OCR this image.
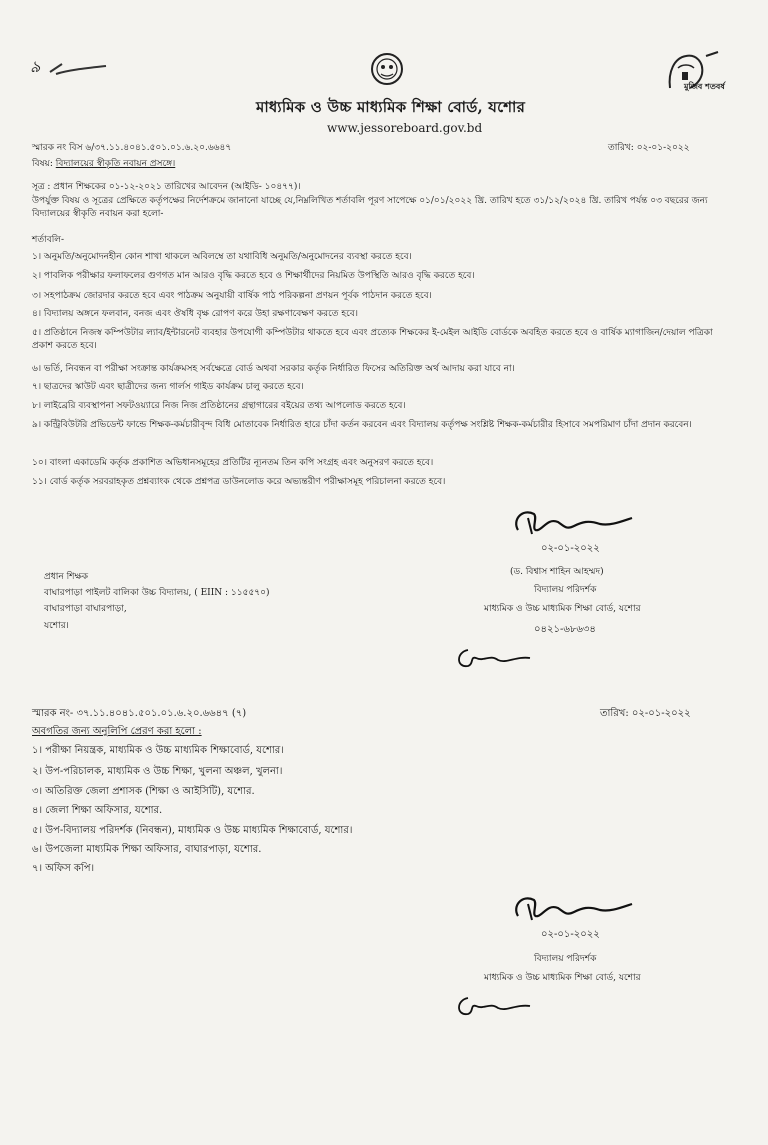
৯
মুজিব শতবর্ষ
মাধ্যমিক ও উচ্চ মাধ্যমিক শিক্ষা বোর্ড, যশোর
www.jessoreboard.gov.bd
স্মারক নং বিস ৬/৩৭.১১.৪০৪১.৫০১.০১.৬.২০.৬৬৪৭	তারিখ: ০২-০১-২০২২
বিষয়: বিদ্যালয়ের স্বীকৃতি নবায়ন প্রসঙ্গে।
সূত্র : প্রধান শিক্ষকের ০১-১২-২০২১ তারিখের আবেদন (আইডি- ১০৪৭৭)।
উপর্যুক্ত বিষয় ও সূত্রের প্রেক্ষিতে কর্তৃপক্ষের নির্দেশক্রমে জানানো যাচ্ছে যে,নিম্নলিখিত শর্তাবলি পূরণ সাপেক্ষে ০১/০১/২০২২ খ্রি. তারিখ হতে ৩১/১২/২০২৪ খ্রি. তারিখ পর্যন্ত ০৩ বছরের জন্য বিদ্যালয়ের স্বীকৃতি নবায়ন করা হলো-
শর্তাবলি-
১। অনুমতি/অনুমোদনহীন কোন শাখা থাকলে অবিলম্বে তা যথাবিধি অনুমতি/অনুমোদনের ব্যবস্থা করতে হবে।
২। পাবলিক পরীক্ষার ফলাফলের গুণগত মান আরও বৃদ্ধি করতে হবে ও শিক্ষার্থীদের নিয়মিত উপস্থিতি আরও বৃদ্ধি করতে হবে।
৩। সহপাঠক্রম জোরদার করতে হবে এবং পাঠক্রম অনুযায়ী বার্ষিক পাঠ পরিকল্পনা প্রণয়ন পূর্বক পাঠদান করতে হবে।
৪। বিদ্যালয় অঙ্গনে ফলবান, বনজ এবং ঔষধি বৃক্ষ রোপণ করে উহা রক্ষণাবেক্ষণ করতে হবে।
৫। প্রতিষ্ঠানে নিজস্ব কম্পিউটার ল্যাব/ইন্টারনেট ব্যবহার উপযোগী কম্পিউটার থাকতে হবে এবং প্রত্যেক শিক্ষকের ই-মেইল আইডি বোর্ডকে অবহিত করতে হবে ও বার্ষিক ম্যাগাজিন/দেয়াল পত্রিকা প্রকাশ করতে হবে।
৬। ভর্তি, নিবন্ধন বা পরীক্ষা সংক্রান্ত কার্যক্রমসহ সর্বক্ষেত্রে বোর্ড অথবা সরকার কর্তৃক নির্ধারিত ফিসের অতিরিক্ত অর্থ আদায় করা যাবে না।
৭। ছাত্রদের স্কাউট এবং ছাত্রীদের জন্য গার্লস গাইড কার্যক্রম চালু করতে হবে।
৮। লাইব্রেরি ব্যবস্থাপনা সফটওয়্যারে নিজ নিজ প্রতিষ্ঠানের গ্রন্থাগারের বইয়ের তথ্য আপলোড করতে হবে।
৯। কন্ট্রিবিউটরি প্রভিডেন্ট ফান্ডে শিক্ষক-কর্মচারীবৃন্দ বিধি মোতাবেক নির্ধারিত হারে চাঁদা কর্তন করবেন এবং বিদ্যালয় কর্তৃপক্ষ সংশ্লিষ্ট শিক্ষক-কর্মচারীর হিসাবে সমপরিমাণ চাঁদা প্রদান করবেন।
১০। বাংলা একাডেমি কর্তৃক প্রকাশিত অভিধানসমূহের প্রতিটির ন্যূনতম তিন কপি সংগ্রহ এবং অনুসরণ করতে হবে।
১১। বোর্ড কর্তৃক সরবরাহকৃত প্রশ্নব্যাংক থেকে প্রশ্নপত্র ডাউনলোড করে অভ্যন্তরীণ পরীক্ষাসমূহ পরিচালনা করতে হবে।
০২-০১-২০২২
(ড. বিশ্বাস শাহিন আহম্মদ)
বিদ্যালয় পরিদর্শক
মাধ্যমিক ও উচ্চ মাধ্যমিক শিক্ষা বোর্ড, যশোর
০৪২১-৬৮৬৩৪
প্রধান শিক্ষক
বাঘারপাড়া পাইলট বালিকা উচ্চ বিদ্যালয়, ( EIIN : ১১৫৫৭০)
বাঘারপাড়া বাঘারপাড়া,
যশোর।
স্মারক নং- ৩৭.১১.৪০৪১.৫০১.০১.৬.২০.৬৬৪৭ (৭)	তারিখ: ০২-০১-২০২২
অবগতির জন্য অনুলিপি প্রেরণ করা হলো :
১। পরীক্ষা নিয়ন্ত্রক, মাধ্যমিক ও উচ্চ মাধ্যমিক শিক্ষাবোর্ড, যশোর।
২। উপ-পরিচালক, মাধ্যমিক ও উচ্চ শিক্ষা, খুলনা অঞ্চল, খুলনা।
৩। অতিরিক্ত জেলা প্রশাসক (শিক্ষা ও আইসিটি), যশোর.
৪। জেলা শিক্ষা অফিসার, যশোর.
৫। উপ-বিদ্যালয় পরিদর্শক (নিবন্ধন), মাধ্যমিক ও উচ্চ মাধ্যমিক শিক্ষাবোর্ড, যশোর।
৬। উপজেলা মাধ্যমিক শিক্ষা অফিসার, বাঘারপাড়া, যশোর.
৭। অফিস কপি।
০২-০১-২০২২
বিদ্যালয় পরিদর্শক
মাধ্যমিক ও উচ্চ মাধ্যমিক শিক্ষা বোর্ড, যশোর
